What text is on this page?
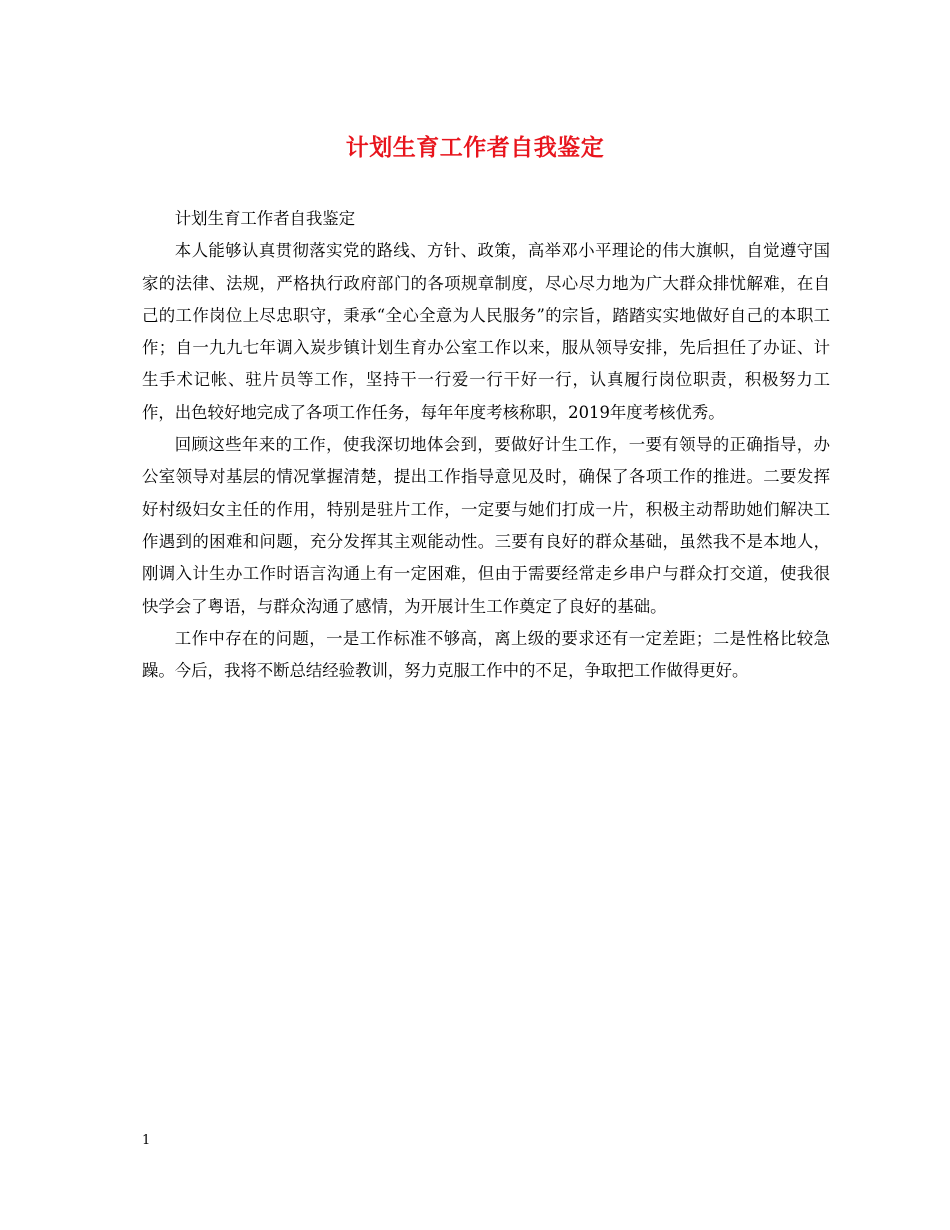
计划生育工作者自我鉴定

计划生育工作者自我鉴定

本人能够认真贯彻落实党的路线、方针、政策，高举邓小平理论的伟大旗帜，自觉遵守国家的法律、法规，严格执行政府部门的各项规章制度，尽心尽力地为广大群众排忧解难，在自己的工作岗位上尽忠职守，秉承“全心全意为人民服务”的宗旨，踏踏实实地做好自己的本职工作；自一九九七年调入炭步镇计划生育办公室工作以来，服从领导安排，先后担任了办证、计生手术记帐、驻片员等工作，坚持干一行爱一行干好一行，认真履行岗位职责，积极努力工作，出色较好地完成了各项工作任务，每年年度考核称职，2019年度考核优秀。

回顾这些年来的工作，使我深切地体会到，要做好计生工作，一要有领导的正确指导，办公室领导对基层的情况掌握清楚，提出工作指导意见及时，确保了各项工作的推进。二要发挥好村级妇女主任的作用，特别是驻片工作，一定要与她们打成一片，积极主动帮助她们解决工作遇到的困难和问题，充分发挥其主观能动性。三要有良好的群众基础，虽然我不是本地人，刚调入计生办工作时语言沟通上有一定困难，但由于需要经常走乡串户与群众打交道，使我很快学会了粤语，与群众沟通了感情，为开展计生工作奠定了良好的基础。

工作中存在的问题，一是工作标准不够高，离上级的要求还有一定差距；二是性格比较急躁。今后，我将不断总结经验教训，努力克服工作中的不足，争取把工作做得更好。

1
